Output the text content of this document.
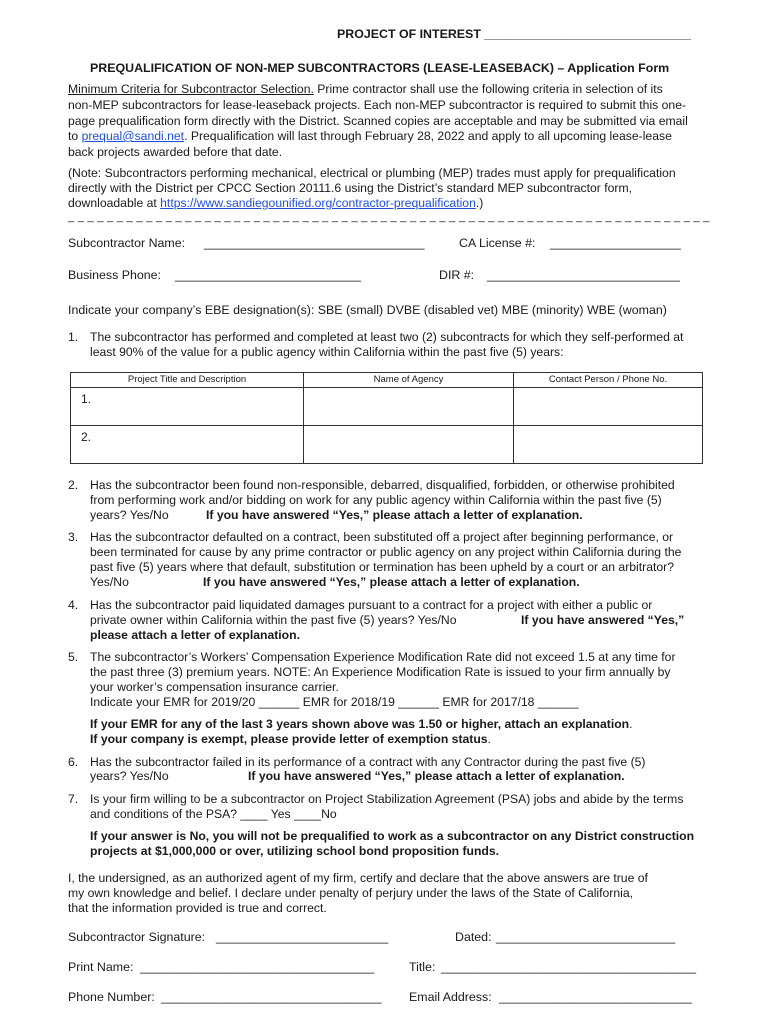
PROJECT OF INTEREST ______________________________
PREQUALIFICATION OF NON-MEP SUBCONTRACTORS (LEASE-LEASEBACK) – Application Form
Minimum Criteria for Subcontractor Selection. Prime contractor shall use the following criteria in selection of its
non-MEP subcontractors for lease-leaseback projects. Each non-MEP subcontractor is required to submit this one-
page prequalification form directly with the District. Scanned copies are acceptable and may be submitted via email
to prequal@sandi.net. Prequalification will last through February 28, 2022 and apply to all upcoming lease-lease
back projects awarded before that date.
(Note: Subcontractors performing mechanical, electrical or plumbing (MEP) trades must apply for prequalification
directly with the District per CPCC Section 20111.6 using the District’s standard MEP subcontractor form,
downloadable at https://www.sandiegounified.org/contractor-prequalification.)
_ _ _ _ _ _ _ _ _ _ _ _ _ _ _ _ _ _ _ _ _ _ _ _ _ _ _ _ _ _ _ _ _ _ _ _ _ _ _ _ _ _ _ _ _ _ _ _ _ _ _ _ _ _ _ _ _ _ _ _ _ _ _ _ _ _
Subcontractor Name: ________________________________	CA License #: ___________________
Business Phone: ___________________________	DIR #: ____________________________
Indicate your company’s EBE designation(s): SBE (small) DVBE (disabled vet) MBE (minority) WBE (woman)
1. The subcontractor has performed and completed at least two (2) subcontracts for which they self-performed at
least 90% of the value for a public agency within California within the past five (5) years:
Project Title and Description	Name of Agency	Contact Person / Phone No.
1.		
2.		
2. Has the subcontractor been found non-responsible, debarred, disqualified, forbidden, or otherwise prohibited
from performing work and/or bidding on work for any public agency within California within the past five (5)
years? Yes/No	If you have answered “Yes,” please attach a letter of explanation.
3. Has the subcontractor defaulted on a contract, been substituted off a project after beginning performance, or
been terminated for cause by any prime contractor or public agency on any project within California during the
past five (5) years where that default, substitution or termination has been upheld by a court or an arbitrator?
Yes/No	If you have answered “Yes,” please attach a letter of explanation.
4. Has the subcontractor paid liquidated damages pursuant to a contract for a project with either a public or
private owner within California within the past five (5) years? Yes/No	If you have answered “Yes,”
please attach a letter of explanation.
5. The subcontractor’s Workers’ Compensation Experience Modification Rate did not exceed 1.5 at any time for
the past three (3) premium years. NOTE: An Experience Modification Rate is issued to your firm annually by
your worker’s compensation insurance carrier.
Indicate your EMR for 2019/20 ______ EMR for 2018/19 ______ EMR for 2017/18 ______
If your EMR for any of the last 3 years shown above was 1.50 or higher, attach an explanation.
If your company is exempt, please provide letter of exemption status.
6. Has the subcontractor failed in its performance of a contract with any Contractor during the past five (5)
years? Yes/No	If you have answered “Yes,” please attach a letter of explanation.
7. Is your firm willing to be a subcontractor on Project Stabilization Agreement (PSA) jobs and abide by the terms
and conditions of the PSA? ____ Yes ____No
If your answer is No, you will not be prequalified to work as a subcontractor on any District construction
projects at $1,000,000 or over, utilizing school bond proposition funds.
I, the undersigned, as an authorized agent of my firm, certify and declare that the above answers are true of
my own knowledge and belief. I declare under penalty of perjury under the laws of the State of California,
that the information provided is true and correct.
Subcontractor Signature: _________________________	Dated: __________________________
Print Name: __________________________________	Title: _____________________________________
Phone Number: ________________________________ Email Address: ____________________________
